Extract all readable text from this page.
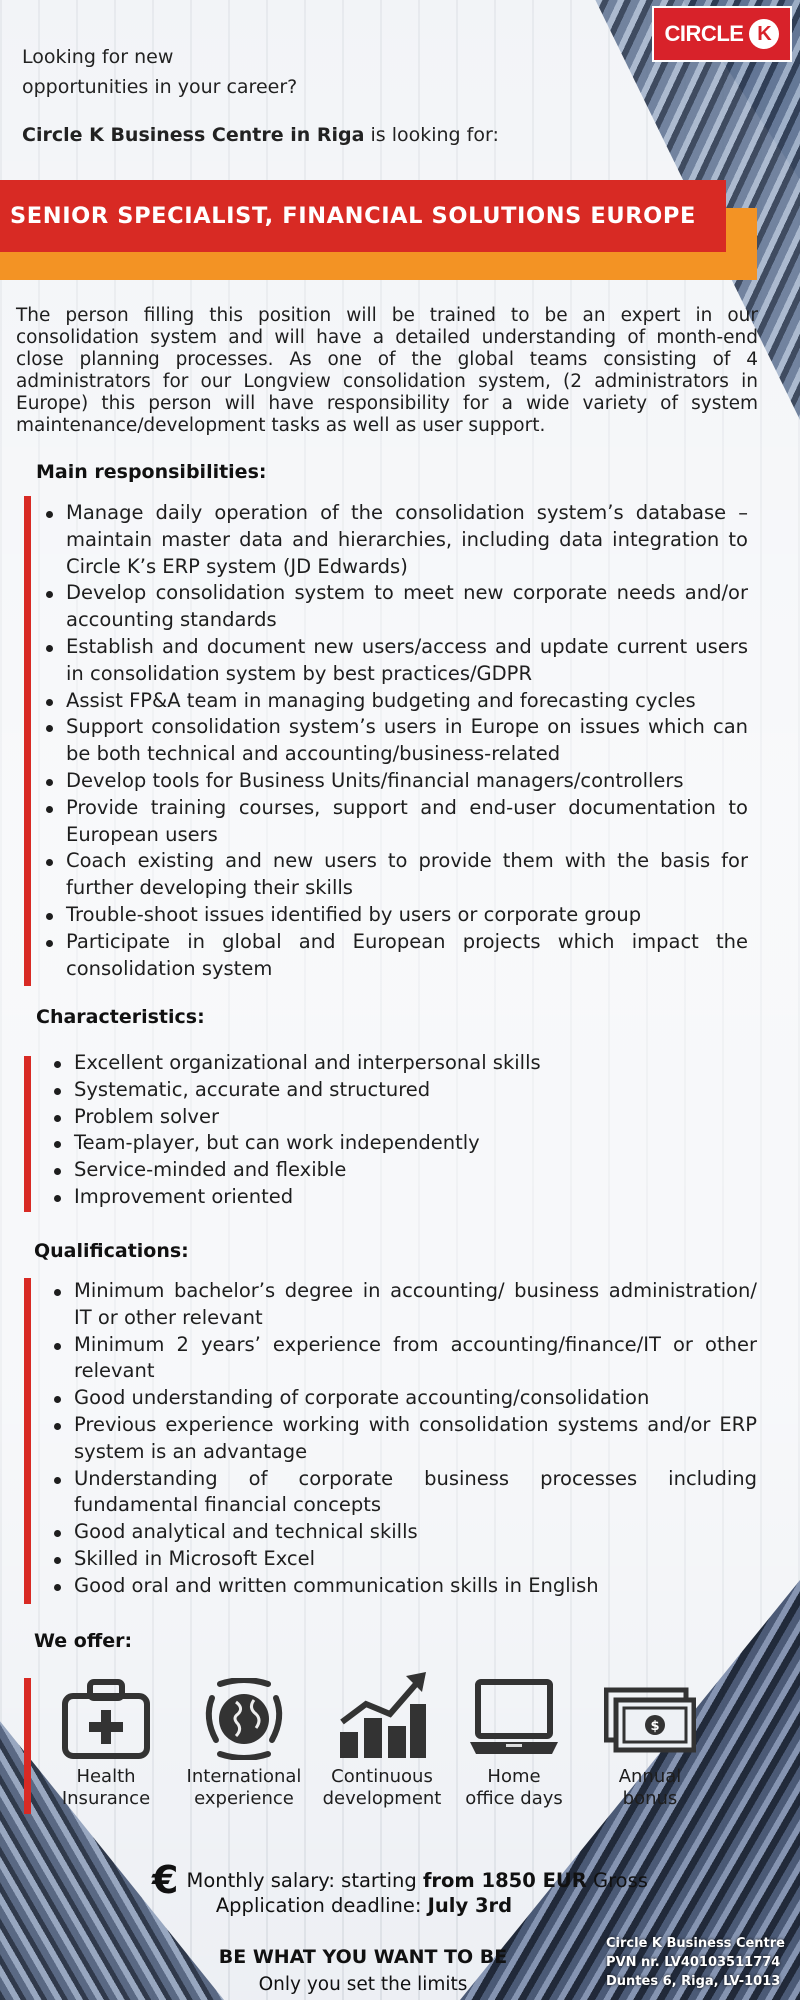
CIRCLE K
Looking for new
opportunities in your career?
Circle K Business Centre in Riga is looking for:
SENIOR SPECIALIST, FINANCIAL SOLUTIONS EUROPE

The person filling this position will be trained to be an expert in our consolidation system and will have a detailed understanding of month-end close planning processes. As one of the global teams consisting of 4 administrators for our Longview consolidation system, (2 administrators in Europe) this person will have responsibility for a wide variety of system maintenance/development tasks as well as user support.

Main responsibilities:
Manage daily operation of the consolidation system’s database – maintain master data and hierarchies, including data integration to Circle K’s ERP system (JD Edwards)
Develop consolidation system to meet new corporate needs and/or accounting standards
Establish and document new users/access and update current users in consolidation system by best practices/GDPR
Assist FP&A team in managing budgeting and forecasting cycles
Support consolidation system’s users in Europe on issues which can be both technical and accounting/business-related
Develop tools for Business Units/financial managers/controllers
Provide training courses, support and end-user documentation to European users
Coach existing and new users to provide them with the basis for further developing their skills
Trouble-shoot issues identified by users or corporate group
Participate in global and European projects which impact the consolidation system
Characteristics:
Excellent organizational and interpersonal skills
Systematic, accurate and structured
Problem solver
Team-player, but can work independently
Service-minded and flexible
Improvement oriented
Qualifications:
Minimum bachelor’s degree in accounting/ business administration/ IT or other relevant
Minimum 2 years’ experience from accounting/finance/IT or other relevant
Good understanding of corporate accounting/consolidation
Previous experience working with consolidation systems and/or ERP system is an advantage
Understanding of corporate business processes including fundamental financial concepts
Good analytical and technical skills
Skilled in Microsoft Excel
Good oral and written communication skills in English
We offer:
Health
Insurance
International
experience
Continuous
development
Home
office days
$
Annual
bonus
€ Monthly salary: starting from 1850 EUR Gross
Application deadline: July 3rd
BE WHAT YOU WANT TO BE
Only you set the limits
Circle K Business Centre
PVN nr. LV40103511774
Duntes 6, Riga, LV-1013
